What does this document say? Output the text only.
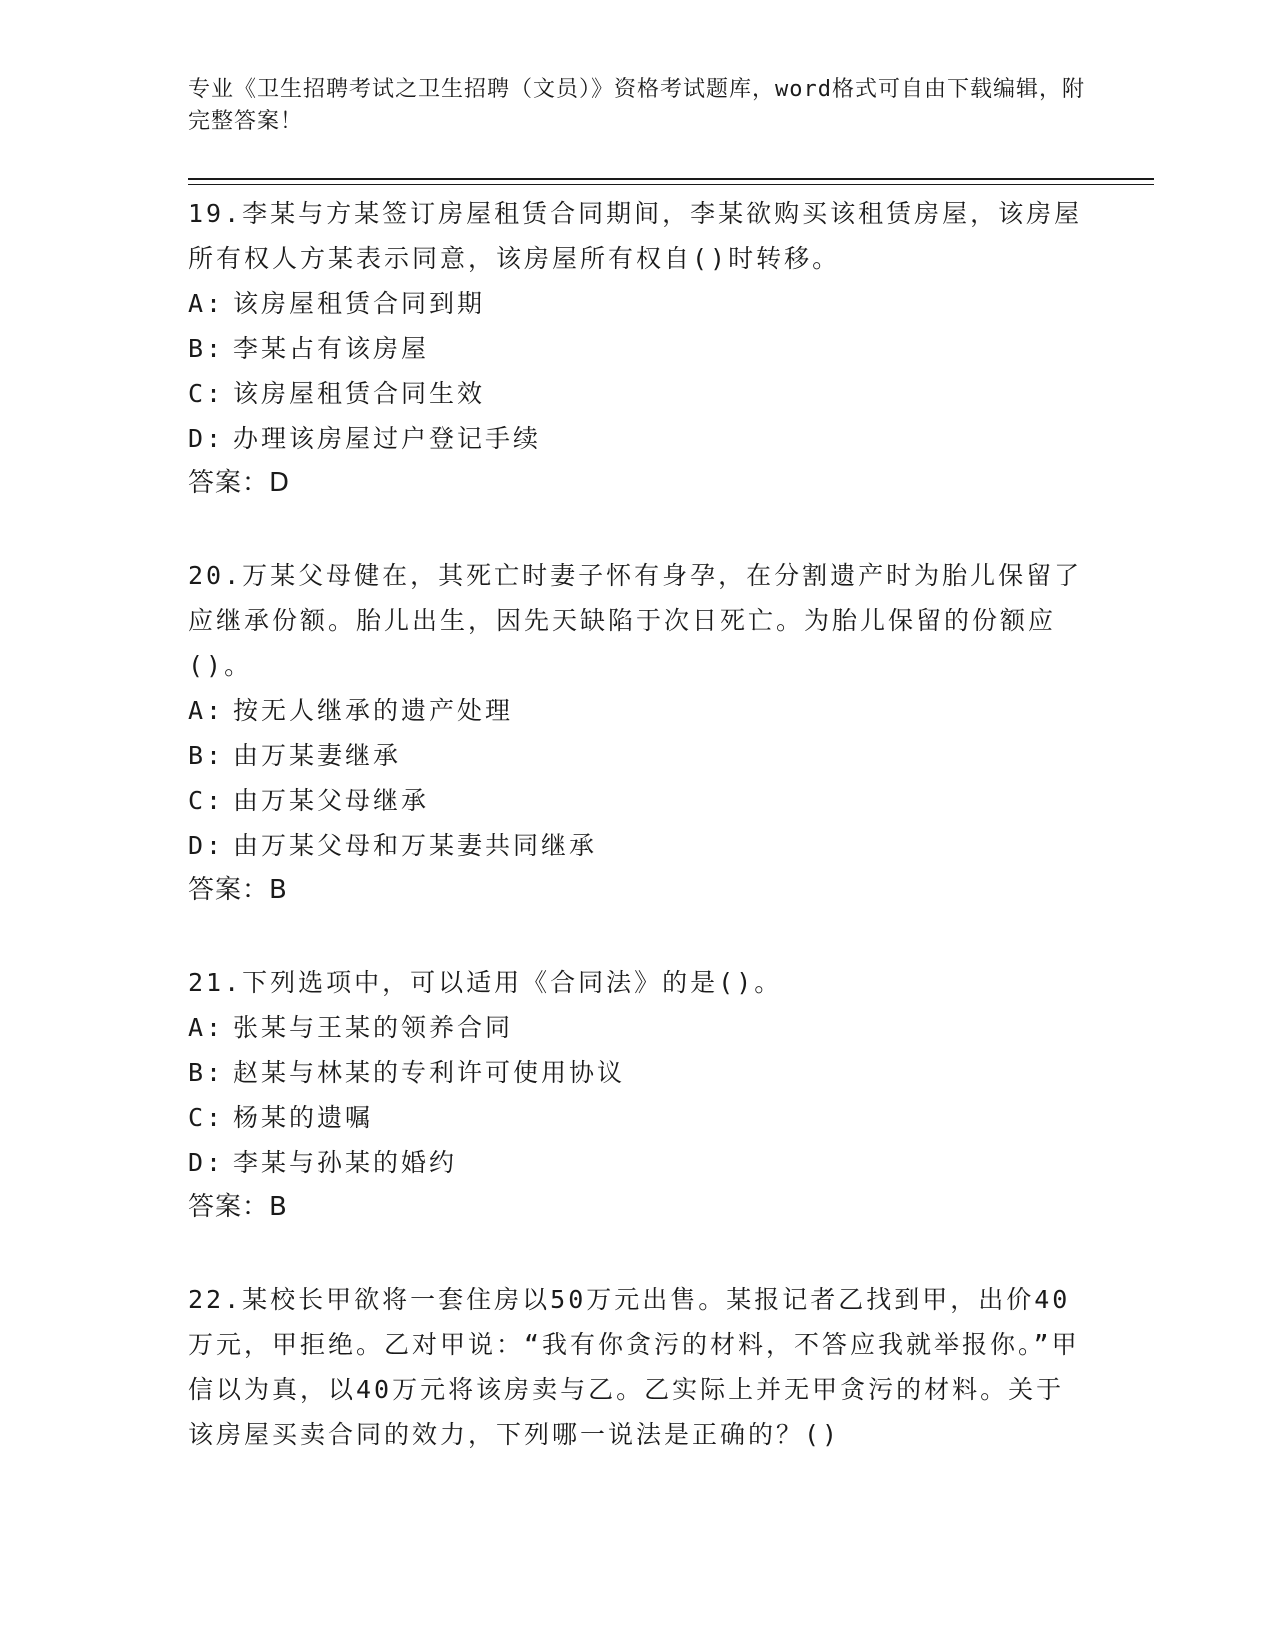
专业《卫生招聘考试之卫生招聘（文员）》资格考试题库，word格式可自由下载编辑，附完整答案！
19.李某与方某签订房屋租赁合同期间，李某欲购买该租赁房屋，该房屋所有权人方某表示同意，该房屋所有权自()时转移。
A: 该房屋租赁合同到期
B: 李某占有该房屋
C: 该房屋租赁合同生效
D: 办理该房屋过户登记手续
答案：D
20.万某父母健在，其死亡时妻子怀有身孕，在分割遗产时为胎儿保留了应继承份额。胎儿出生，因先天缺陷于次日死亡。为胎儿保留的份额应()。
A: 按无人继承的遗产处理
B: 由万某妻继承
C: 由万某父母继承
D: 由万某父母和万某妻共同继承
答案：B
21.下列选项中，可以适用《合同法》的是()。
A: 张某与王某的领养合同
B: 赵某与林某的专利许可使用协议
C: 杨某的遗嘱
D: 李某与孙某的婚约
答案：B
22.某校长甲欲将一套住房以50万元出售。某报记者乙找到甲，出价40万元，甲拒绝。乙对甲说：“我有你贪污的材料，不答应我就举报你。”甲信以为真，以40万元将该房卖与乙。乙实际上并无甲贪污的材料。关于该房屋买卖合同的效力，下列哪一说法是正确的？()
